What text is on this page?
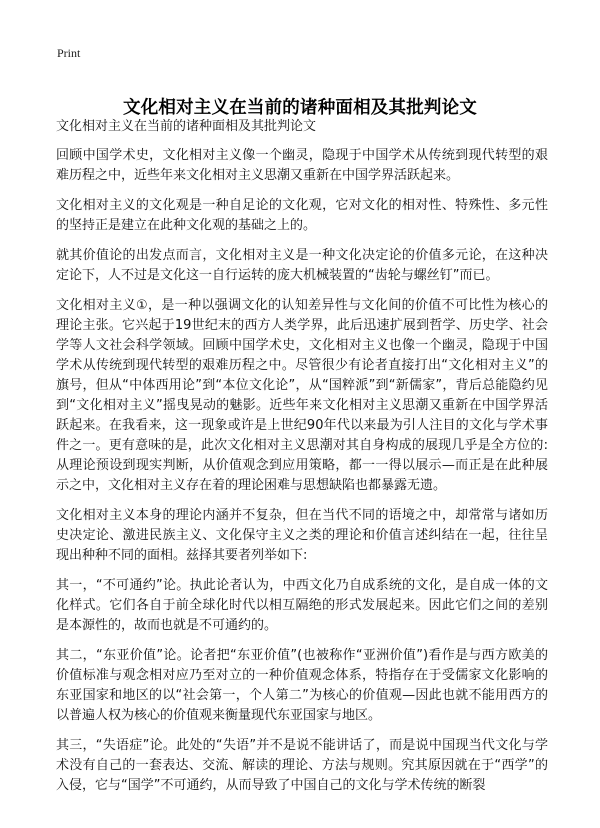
Print
文化相对主义在当前的诸种面相及其批判论文

文化相对主义在当前的诸种面相及其批判论文

回顾中国学术史，文化相对主义像一个幽灵，隐现于中国学术从传统到现代转型的艰难历程之中，近些年来文化相对主义思潮又重新在中国学界活跃起来。

文化相对主义的文化观是一种自足论的文化观，它对文化的相对性、特殊性、多元性的坚持正是建立在此种文化观的基础之上的。

就其价值论的出发点而言，文化相对主义是一种文化决定论的价值多元论，在这种决定论下，人不过是文化这一自行运转的庞大机械装置的“齿轮与螺丝钉”而已。

文化相对主义①，是一种以强调文化的认知差异性与文化间的价值不可比性为核心的理论主张。它兴起于19世纪末的西方人类学界，此后迅速扩展到哲学、历史学、社会学等人文社会科学领域。回顾中国学术史，文化相对主义也像一个幽灵，隐现于中国学术从传统到现代转型的艰难历程之中。尽管很少有论者直接打出“文化相对主义”的旗号，但从“中体西用论”到“本位文化论”，从“国粹派”到“新儒家”，背后总能隐约见到“文化相对主义”摇曳晃动的魅影。近些年来文化相对主义思潮又重新在中国学界活跃起来。在我看来，这一现象或许是上世纪90年代以来最为引人注目的文化与学术事件之一。更有意味的是，此次文化相对主义思潮对其自身构成的展现几乎是全方位的:从理论预设到现实判断，从价值观念到应用策略，都一一得以展示—而正是在此种展示之中，文化相对主义存在着的理论困难与思想缺陷也都暴露无遗。

文化相对主义本身的理论内涵并不复杂，但在当代不同的语境之中，却常常与诸如历史决定论、激进民族主义、文化保守主义之类的理论和价值言述纠结在一起，往往呈现出种种不同的面相。兹择其要者列举如下:

其一，“不可通约”论。执此论者认为，中西文化乃自成系统的文化，是自成一体的文化样式。它们各自于前全球化时代以相互隔绝的形式发展起来。因此它们之间的差别是本源性的，故而也就是不可通约的。

其二，“东亚价值”论。论者把“东亚价值”(也被称作“亚洲价值”)看作是与西方欧美的价值标准与观念相对应乃至对立的一种价值观念体系，特指存在于受儒家文化影响的东亚国家和地区的以“社会第一，个人第二”为核心的价值观—因此也就不能用西方的以普遍人权为核心的价值观来衡量现代东亚国家与地区。

其三，“失语症”论。此处的“失语”并不是说不能讲话了，而是说中国现当代文化与学术没有自己的一套表达、交流、解读的理论、方法与规则。究其原因就在于“西学”的入侵，它与“国学”不可通约，从而导致了中国自己的文化与学术传统的断裂
